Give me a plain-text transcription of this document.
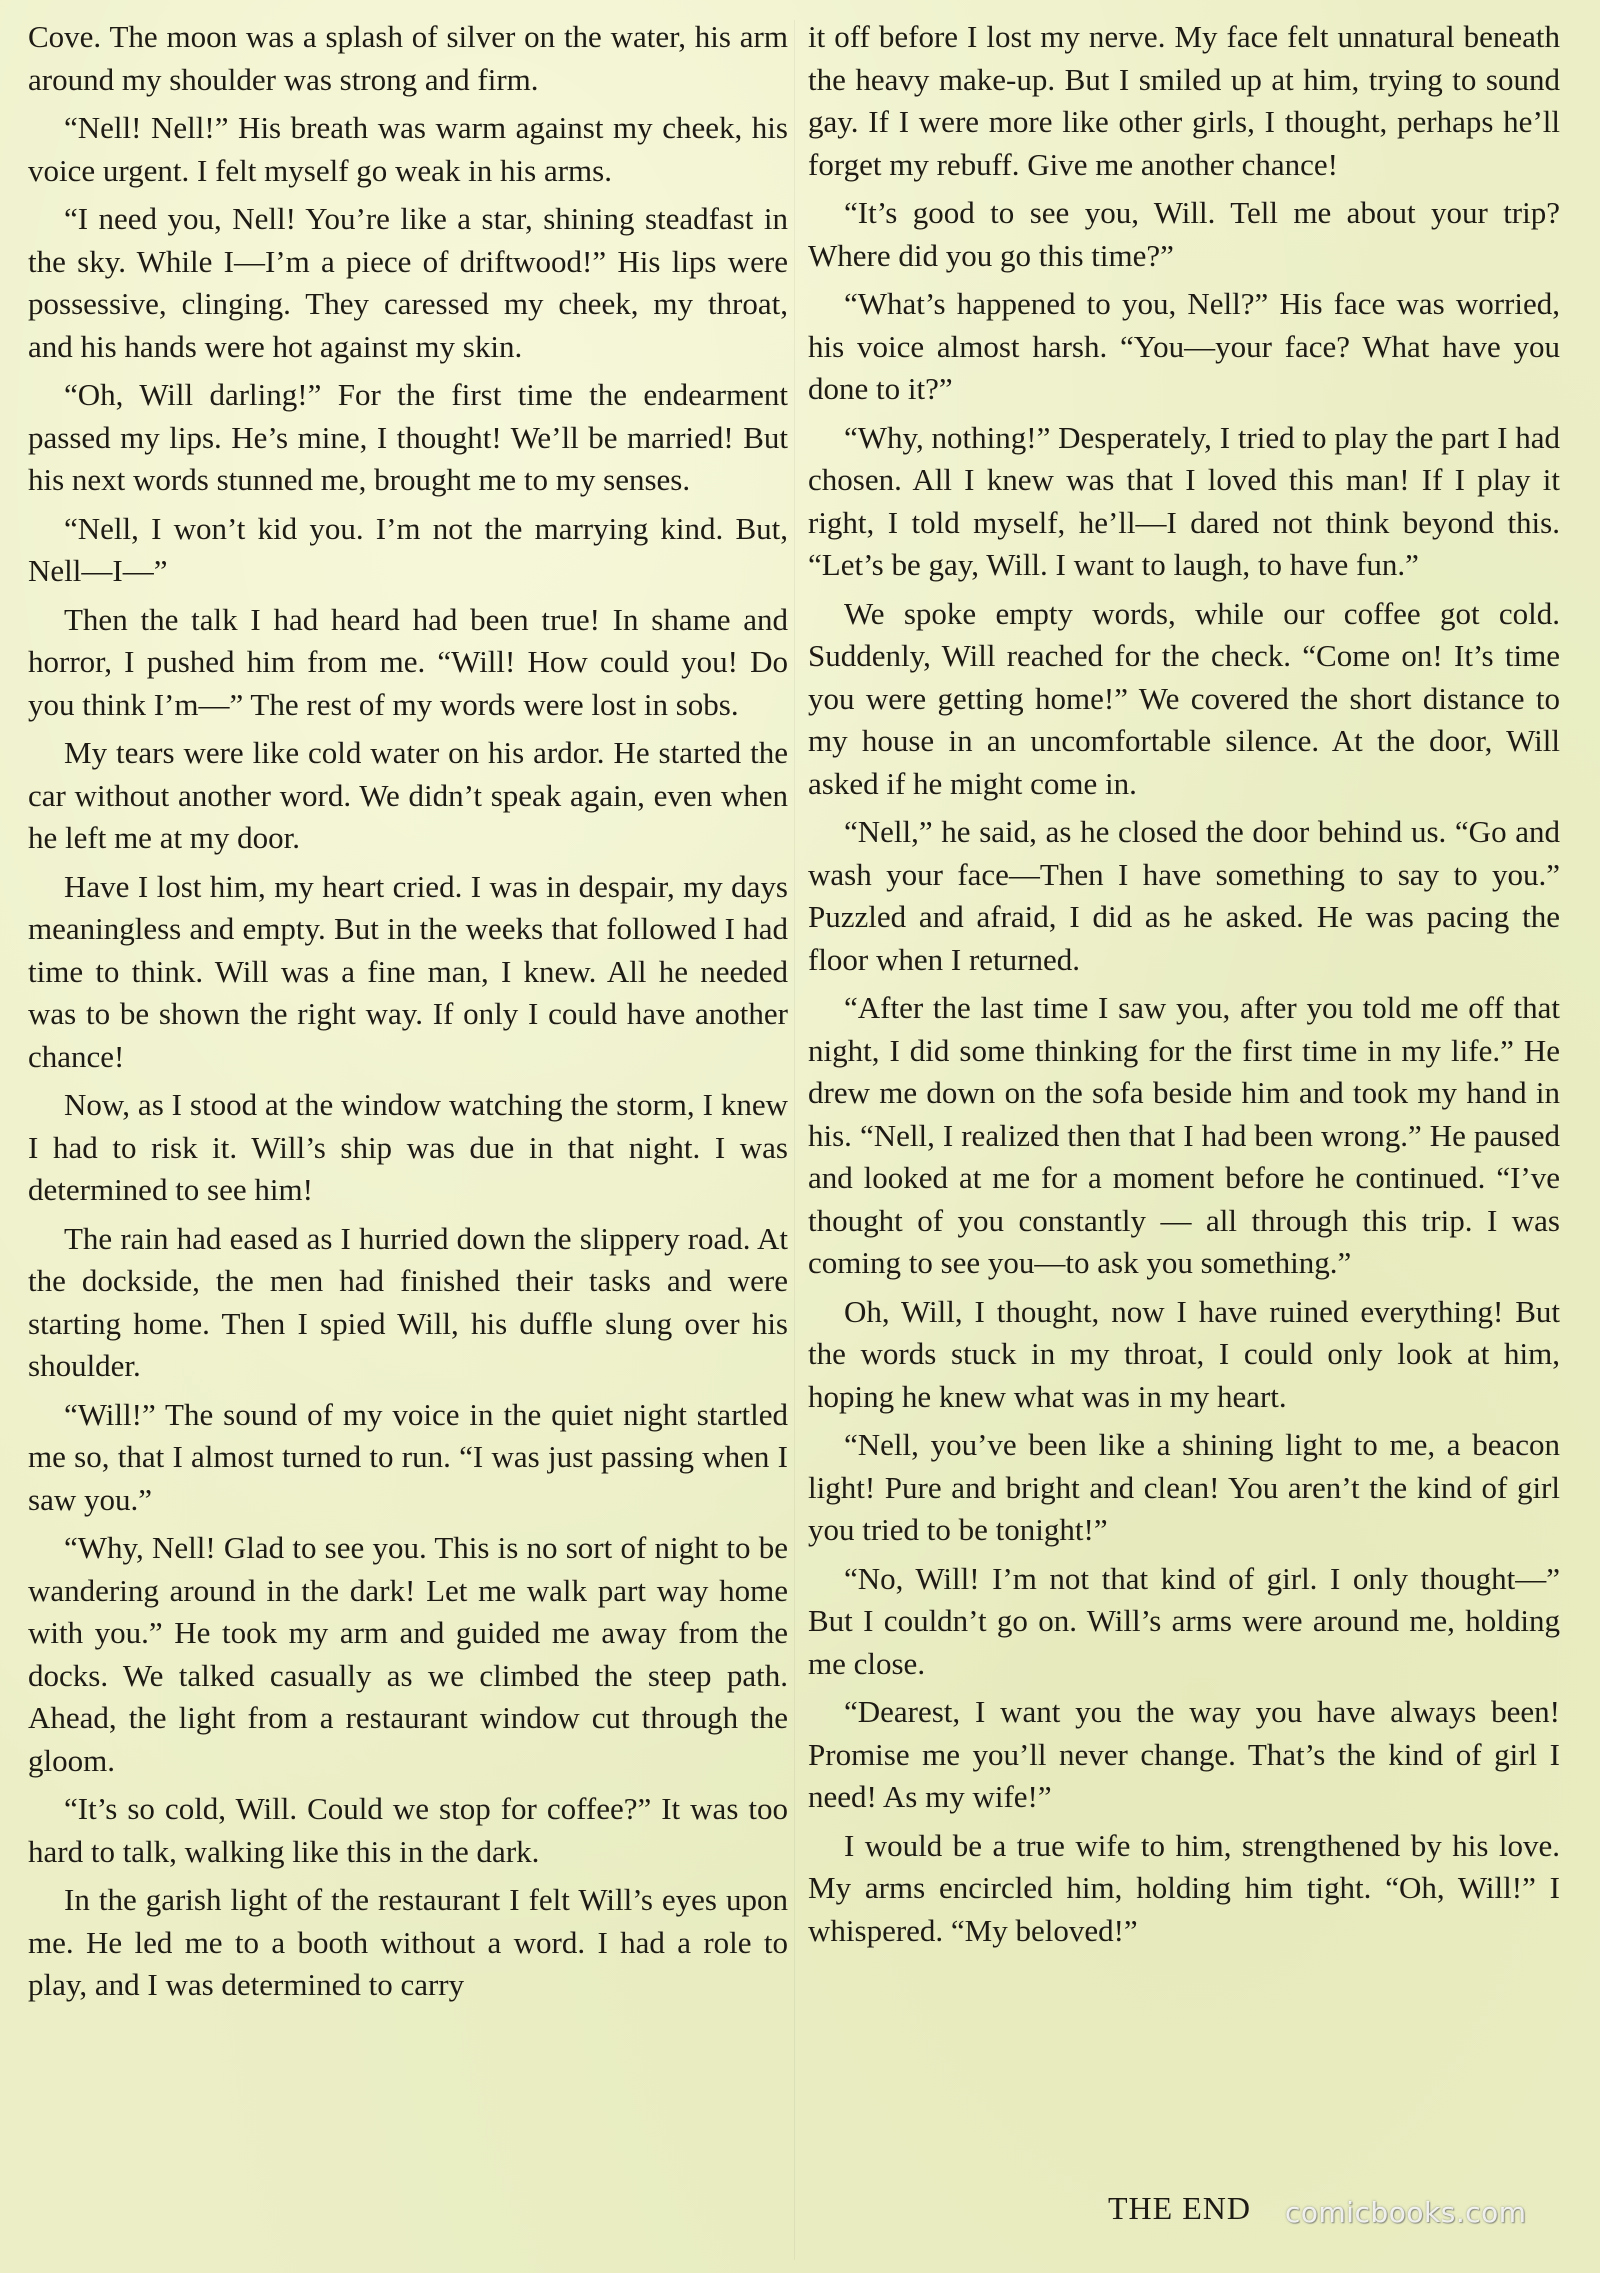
Cove. The moon was a splash of silver on the water, his arm around my shoulder was strong and firm.

“Nell! Nell!” His breath was warm against my cheek, his voice urgent. I felt myself go weak in his arms.

“I need you, Nell! You’re like a star, shining steadfast in the sky. While I—I’m a piece of driftwood!” His lips were possessive, clinging. They caressed my cheek, my throat, and his hands were hot against my skin.

“Oh, Will darling!” For the first time the endearment passed my lips. He’s mine, I thought! We’ll be married! But his next words stunned me, brought me to my senses.

“Nell, I won’t kid you. I’m not the marrying kind. But, Nell—I—”

Then the talk I had heard had been true! In shame and horror, I pushed him from me. “Will! How could you! Do you think I’m—” The rest of my words were lost in sobs.

My tears were like cold water on his ardor. He started the car without another word. We didn’t speak again, even when he left me at my door.

Have I lost him, my heart cried. I was in despair, my days meaningless and empty. But in the weeks that followed I had time to think. Will was a fine man, I knew. All he needed was to be shown the right way. If only I could have another chance!

Now, as I stood at the window watching the storm, I knew I had to risk it. Will’s ship was due in that night. I was determined to see him!

The rain had eased as I hurried down the slippery road. At the dockside, the men had finished their tasks and were starting home. Then I spied Will, his duffle slung over his shoulder.

“Will!” The sound of my voice in the quiet night startled me so, that I almost turned to run. “I was just passing when I saw you.”

“Why, Nell! Glad to see you. This is no sort of night to be wandering around in the dark! Let me walk part way home with you.” He took my arm and guided me away from the docks. We talked casually as we climbed the steep path. Ahead, the light from a restaurant window cut through the gloom.

“It’s so cold, Will. Could we stop for coffee?” It was too hard to talk, walking like this in the dark.

In the garish light of the restaurant I felt Will’s eyes upon me. He led me to a booth without a word. I had a role to play, and I was determined to carry

it off before I lost my nerve. My face felt unnatural beneath the heavy make-up. But I smiled up at him, trying to sound gay. If I were more like other girls, I thought, perhaps he’ll forget my rebuff. Give me another chance!

“It’s good to see you, Will. Tell me about your trip? Where did you go this time?”

“What’s happened to you, Nell?” His face was worried, his voice almost harsh. “You—your face? What have you done to it?”

“Why, nothing!” Desperately, I tried to play the part I had chosen. All I knew was that I loved this man! If I play it right, I told myself, he’ll—I dared not think beyond this. “Let’s be gay, Will. I want to laugh, to have fun.”

We spoke empty words, while our coffee got cold. Suddenly, Will reached for the check. “Come on! It’s time you were getting home!” We covered the short distance to my house in an uncomfortable silence. At the door, Will asked if he might come in.

“Nell,” he said, as he closed the door behind us. “Go and wash your face—Then I have something to say to you.” Puzzled and afraid, I did as he asked. He was pacing the floor when I returned.

“After the last time I saw you, after you told me off that night, I did some thinking for the first time in my life.” He drew me down on the sofa beside him and took my hand in his. “Nell, I realized then that I had been wrong.” He paused and looked at me for a moment before he continued. “I’ve thought of you constantly — all through this trip. I was coming to see you—to ask you something.”

Oh, Will, I thought, now I have ruined everything! But the words stuck in my throat, I could only look at him, hoping he knew what was in my heart.

“Nell, you’ve been like a shining light to me, a beacon light! Pure and bright and clean! You aren’t the kind of girl you tried to be tonight!”

“No, Will! I’m not that kind of girl. I only thought—” But I couldn’t go on. Will’s arms were around me, holding me close.

“Dearest, I want you the way you have always been! Promise me you’ll never change. That’s the kind of girl I need! As my wife!”

I would be a true wife to him, strengthened by his love. My arms encircled him, holding him tight. “Oh, Will!” I whispered. “My beloved!”

THE END comicbooks.com
